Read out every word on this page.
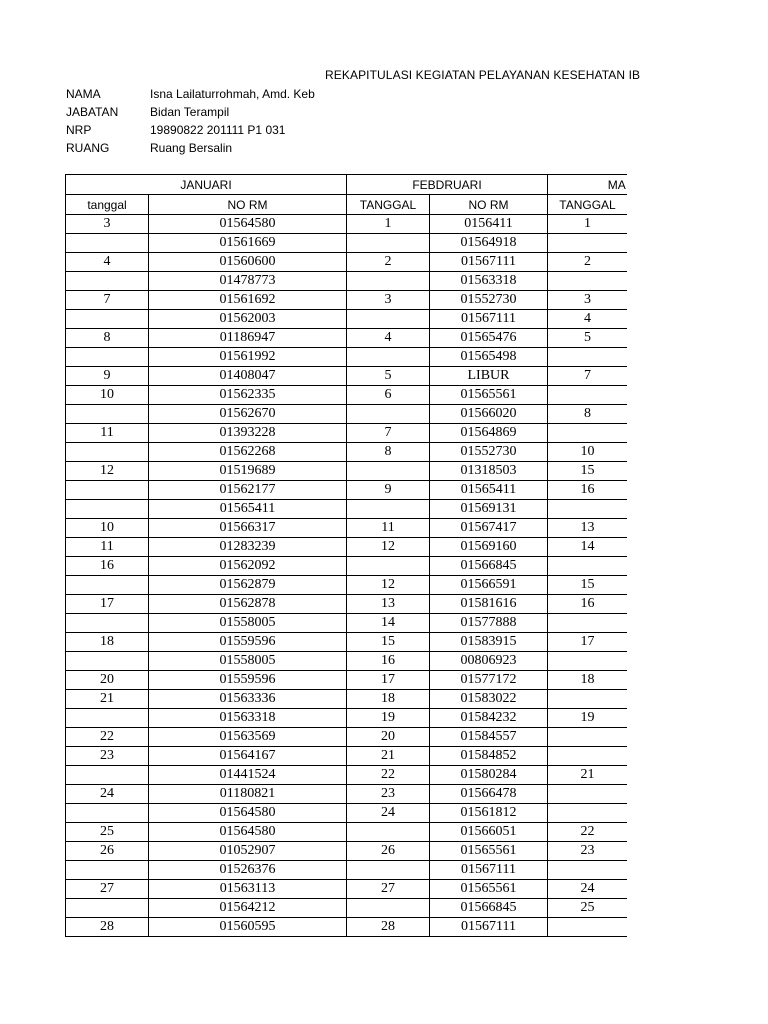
REKAPITULASI KEGIATAN PELAYANAN KESEHATAN IB
NAMA	Isna Lailaturrohmah, Amd. Keb
JABATAN	Bidan Terampil
NRP	19890822 201111 P1 031
RUANG	Ruang Bersalin
JANUARI		FEBDRUARI		MA	
tanggal	NO RM	TANGGAL	NO RM	TANGGAL	
3	01564580	1	0156411	1	
	01561669		01564918		
4	01560600	2	01567111	2	
	01478773		01563318		
7	01561692	3	01552730	3	
	01562003		01567111	4	
8	01186947	4	01565476	5	
	01561992		01565498		
9	01408047	5	LIBUR	7	
10	01562335	6	01565561		
	01562670		01566020	8	
11	01393228	7	01564869		
	01562268	8	01552730	10	
12	01519689		01318503	15	
	01562177	9	01565411	16	
	01565411		01569131		
10	01566317	11	01567417	13	
11	01283239	12	01569160	14	
16	01562092		01566845		
	01562879	12	01566591	15	
17	01562878	13	01581616	16	
	01558005	14	01577888		
18	01559596	15	01583915	17	
	01558005	16	00806923		
20	01559596	17	01577172	18	
21	01563336	18	01583022		
	01563318	19	01584232	19	
22	01563569	20	01584557		
23	01564167	21	01584852		
	01441524	22	01580284	21	
24	01180821	23	01566478		
	01564580	24	01561812		
25	01564580		01566051	22	
26	01052907	26	01565561	23	
	01526376		01567111		
27	01563113	27	01565561	24	
	01564212		01566845	25	
28	01560595	28	01567111		
